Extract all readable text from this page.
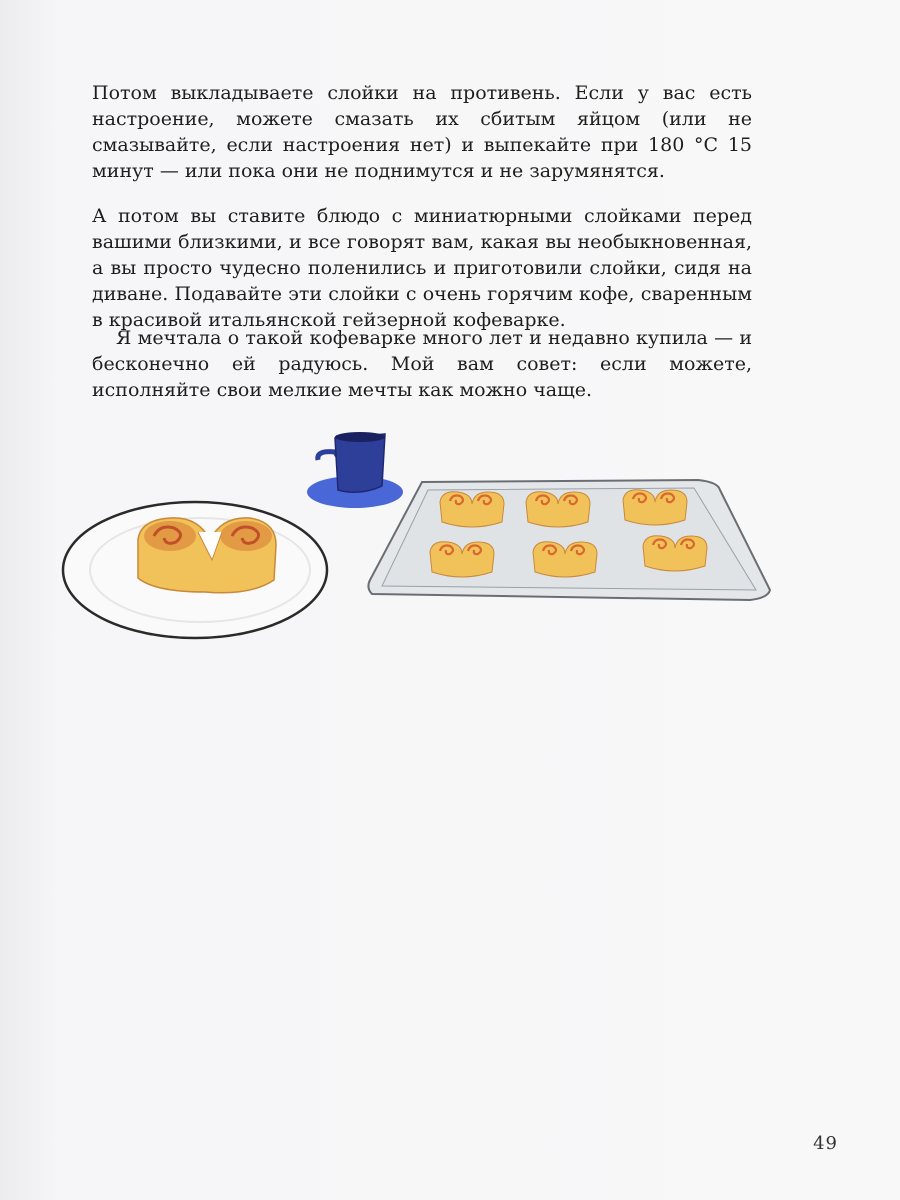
Потом выкладываете слойки на противень. Если у вас есть настроение, можете смазать их сбитым яйцом (или не смазывайте, если настроения нет) и выпекайте при 180 °С 15 минут — или пока они не поднимутся и не зарумянятся.

А потом вы ставите блюдо с миниатюрными слойками перед вашими близкими, и все говорят вам, какая вы необыкновенная, а вы просто чудесно поленились и приготовили слойки, сидя на диване. Подавайте эти слойки с очень горячим кофе, сваренным в красивой итальянской гейзерной кофеварке.

Я мечтала о такой кофеварке много лет и недавно купила — и бесконечно ей радуюсь. Мой вам совет: если можете, исполняйте свои мелкие мечты как можно чаще.

49
